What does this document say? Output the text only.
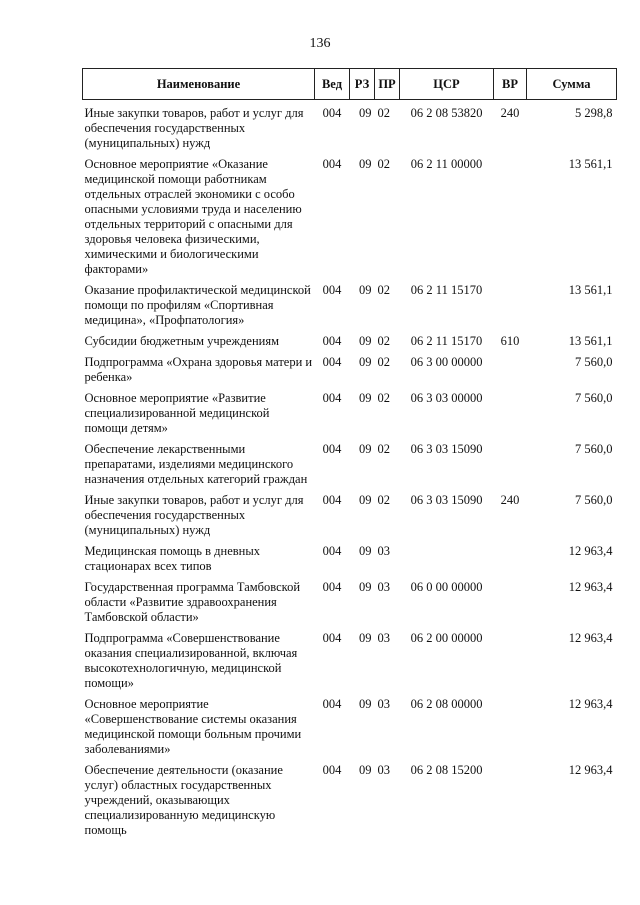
136
Наименование	Вед	РЗ	ПР	ЦСР	ВР	Сумма
Иные закупки товаров, работ и услуг для обеспечения государственных (муниципальных) нужд	004	09	02	06 2 08 53820	240	5 298,8
Основное мероприятие «Оказание медицинской помощи работникам отдельных отраслей экономики с особо опасными условиями труда и населению отдельных территорий с опасными для здоровья человека физическими, химическими и биологическими факторами»	004	09	02	06 2 11 00000		13 561,1
Оказание профилактической медицинской помощи по профилям «Спортивная медицина», «Профпатология»	004	09	02	06 2 11 15170		13 561,1
Субсидии бюджетным учреждениям	004	09	02	06 2 11 15170	610	13 561,1
Подпрограмма «Охрана здоровья матери и ребенка»	004	09	02	06 3 00 00000		7 560,0
Основное мероприятие «Развитие специализированной медицинской помощи детям»	004	09	02	06 3 03 00000		7 560,0
Обеспечение лекарственными препаратами, изделиями медицинского назначения отдельных категорий граждан	004	09	02	06 3 03 15090		7 560,0
Иные закупки товаров, работ и услуг для обеспечения государственных (муниципальных) нужд	004	09	02	06 3 03 15090	240	7 560,0
Медицинская помощь в дневных стационарах всех типов	004	09	03			12 963,4
Государственная программа Тамбовской области «Развитие здравоохранения Тамбовской области»	004	09	03	06 0 00 00000		12 963,4
Подпрограмма «Совершенствование оказания специализированной, включая высокотехнологичную, медицинской помощи»	004	09	03	06 2 00 00000		12 963,4
Основное мероприятие «Совершенствование системы оказания медицинской помощи больным прочими заболеваниями»	004	09	03	06 2 08 00000		12 963,4
Обеспечение деятельности (оказание услуг) областных государственных учреждений, оказывающих специализированную медицинскую помощь	004	09	03	06 2 08 15200		12 963,4
